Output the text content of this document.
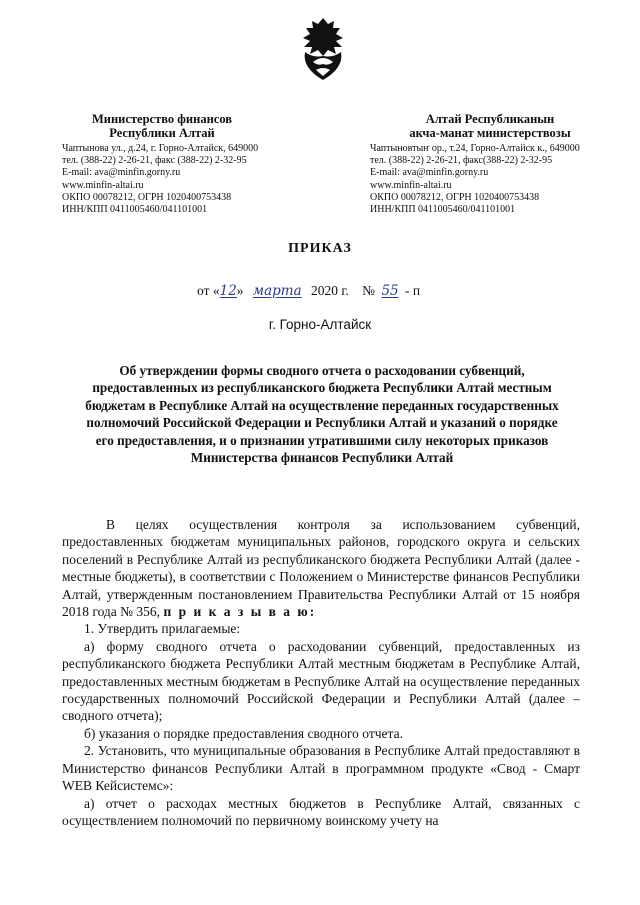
Министерство финансов
Республики Алтай
Чаптынова ул., д.24, г. Горно-Алтайск, 649000
тел. (388-22) 2-26-21, факс (388-22) 2-32-95
E-mail: ava@minfin.gorny.ru
www.minfin-altai.ru
ОКПО 00078212, ОГРН 1020400753438
ИНН/КПП 0411005460/041101001
Алтай Республиканын
акча-манат министерствозы
Чаптыновтыҥ ор., т.24, Горно-Алтайск к., 649000
тел. (388-22) 2-26-21, факс(388-22) 2-32-95
E-mail: ava@minfin.gorny.ru
www.minfin-altai.ru
ОКПО 00078212, ОГРН 1020400753438
ИНН/КПП 0411005460/041101001
ПРИКАЗ
от «12» марта 2020 г. № 55 - п
г. Горно-Алтайск
Об утверждении формы сводного отчета о расходовании субвенций, предоставленных из республиканского бюджета Республики Алтай местным бюджетам в Республике Алтай на осуществление переданных государственных полномочий Российской Федерации и Республики Алтай и указаний о порядке его предоставления, и о признании утратившими силу некоторых приказов Министерства финансов Республики Алтай

В целях осуществления контроля за использованием субвенций, предоставленных бюджетам муниципальных районов, городского округа и сельских поселений в Республике Алтай из республиканского бюджета Республики Алтай (далее - местные бюджеты), в соответствии с Положением о Министерстве финансов Республики Алтай, утвержденным постановлением Правительства Республики Алтай от 15 ноября 2018 года № 356, п р и к а з ы в а ю:

1. Утвердить прилагаемые:

а) форму сводного отчета о расходовании субвенций, предоставленных из республиканского бюджета Республики Алтай местным бюджетам в Республике Алтай, предоставленных местным бюджетам в Республике Алтай на осуществление переданных государственных полномочий Российской Федерации и Республики Алтай (далее – сводного отчета);

б) указания о порядке предоставления сводного отчета.

2. Установить, что муниципальные образования в Республике Алтай предоставляют в Министерство финансов Республики Алтай в программном продукте «Свод - Смарт WEB Кейсистемс»:

а) отчет о расходах местных бюджетов в Республике Алтай, связанных с осуществлением полномочий по первичному воинскому учету на
